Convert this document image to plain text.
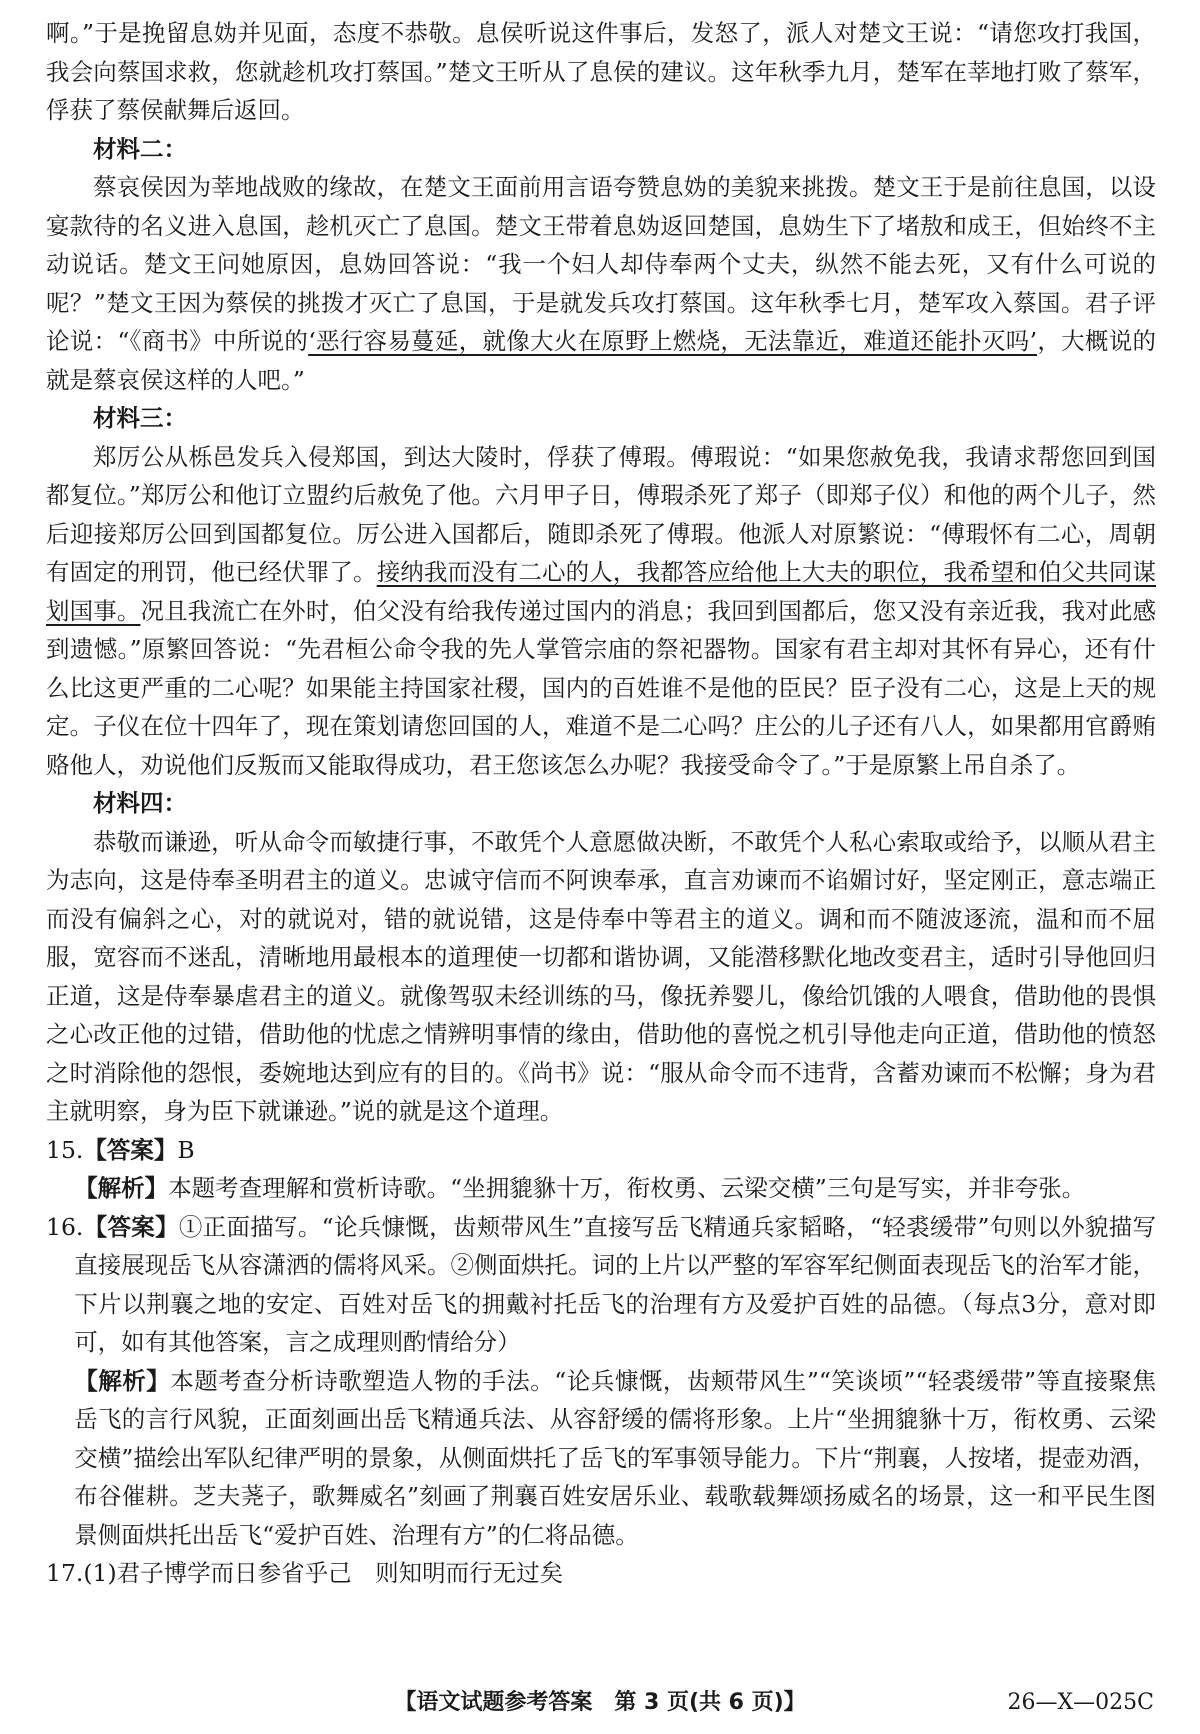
啊。”于是挽留息妫并见面，态度不恭敬。息侯听说这件事后，发怒了，派人对楚文王说：“请您攻打我国，我会向蔡国求救，您就趁机攻打蔡国。”楚文王听从了息侯的建议。这年秋季九月，楚军在莘地打败了蔡军，俘获了蔡侯献舞后返回。

材料二：

蔡哀侯因为莘地战败的缘故，在楚文王面前用言语夸赞息妫的美貌来挑拨。楚文王于是前往息国，以设宴款待的名义进入息国，趁机灭亡了息国。楚文王带着息妫返回楚国，息妫生下了堵敖和成王，但始终不主动说话。楚文王问她原因，息妫回答说：“我一个妇人却侍奉两个丈夫，纵然不能去死，又有什么可说的呢？”楚文王因为蔡侯的挑拨才灭亡了息国，于是就发兵攻打蔡国。这年秋季七月，楚军攻入蔡国。君子评论说：“《商书》中所说的‘恶行容易蔓延，就像大火在原野上燃烧，无法靠近，难道还能扑灭吗’，大概说的就是蔡哀侯这样的人吧。”

材料三：

郑厉公从栎邑发兵入侵郑国，到达大陵时，俘获了傅瑕。傅瑕说：“如果您赦免我，我请求帮您回到国都复位。”郑厉公和他订立盟约后赦免了他。六月甲子日，傅瑕杀死了郑子（即郑子仪）和他的两个儿子，然后迎接郑厉公回到国都复位。厉公进入国都后，随即杀死了傅瑕。他派人对原繁说：“傅瑕怀有二心，周朝有固定的刑罚，他已经伏罪了。接纳我而没有二心的人，我都答应给他上大夫的职位，我希望和伯父共同谋划国事。况且我流亡在外时，伯父没有给我传递过国内的消息；我回到国都后，您又没有亲近我，我对此感到遗憾。”原繁回答说：“先君桓公命令我的先人掌管宗庙的祭祀器物。国家有君主却对其怀有异心，还有什么比这更严重的二心呢？如果能主持国家社稷，国内的百姓谁不是他的臣民？臣子没有二心，这是上天的规定。子仪在位十四年了，现在策划请您回国的人，难道不是二心吗？庄公的儿子还有八人，如果都用官爵贿赂他人，劝说他们反叛而又能取得成功，君王您该怎么办呢？我接受命令了。”于是原繁上吊自杀了。

材料四：

恭敬而谦逊，听从命令而敏捷行事，不敢凭个人意愿做决断，不敢凭个人私心索取或给予，以顺从君主为志向，这是侍奉圣明君主的道义。忠诚守信而不阿谀奉承，直言劝谏而不谄媚讨好，坚定刚正，意志端正而没有偏斜之心，对的就说对，错的就说错，这是侍奉中等君主的道义。调和而不随波逐流，温和而不屈服，宽容而不迷乱，清晰地用最根本的道理使一切都和谐协调，又能潜移默化地改变君主，适时引导他回归正道，这是侍奉暴虐君主的道义。就像驾驭未经训练的马，像抚养婴儿，像给饥饿的人喂食，借助他的畏惧之心改正他的过错，借助他的忧虑之情辨明事情的缘由，借助他的喜悦之机引导他走向正道，借助他的愤怒之时消除他的怨恨，委婉地达到应有的目的。《尚书》说：“服从命令而不违背，含蓄劝谏而不松懈；身为君主就明察，身为臣下就谦逊。”说的就是这个道理。

15.【答案】B

【解析】本题考查理解和赏析诗歌。“坐拥貔貅十万，衔枚勇、云梁交横”三句是写实，并非夸张。

16.【答案】①正面描写。“论兵慷慨，齿颊带风生”直接写岳飞精通兵家韬略，“轻裘缓带”句则以外貌描写直接展现岳飞从容潇洒的儒将风采。②侧面烘托。词的上片以严整的军容军纪侧面表现岳飞的治军才能，下片以荆襄之地的安定、百姓对岳飞的拥戴衬托岳飞的治理有方及爱护百姓的品德。（每点3分，意对即可，如有其他答案，言之成理则酌情给分）

【解析】本题考查分析诗歌塑造人物的手法。“论兵慷慨，齿颊带风生”“笑谈顷”“轻裘缓带”等直接聚焦岳飞的言行风貌，正面刻画出岳飞精通兵法、从容舒缓的儒将形象。上片“坐拥貔貅十万，衔枚勇、云梁交横”描绘出军队纪律严明的景象，从侧面烘托了岳飞的军事领导能力。下片“荆襄，人按堵，提壶劝酒，布谷催耕。芝夫荛子，歌舞威名”刻画了荆襄百姓安居乐业、载歌载舞颂扬威名的场景，这一和平民生图景侧面烘托出岳飞“爱护百姓、治理有方”的仁将品德。

17.(1)君子博学而日参省乎己　则知明而行无过矣

【语文试题参考答案　第 3 页(共 6 页)】	26—X—025C
